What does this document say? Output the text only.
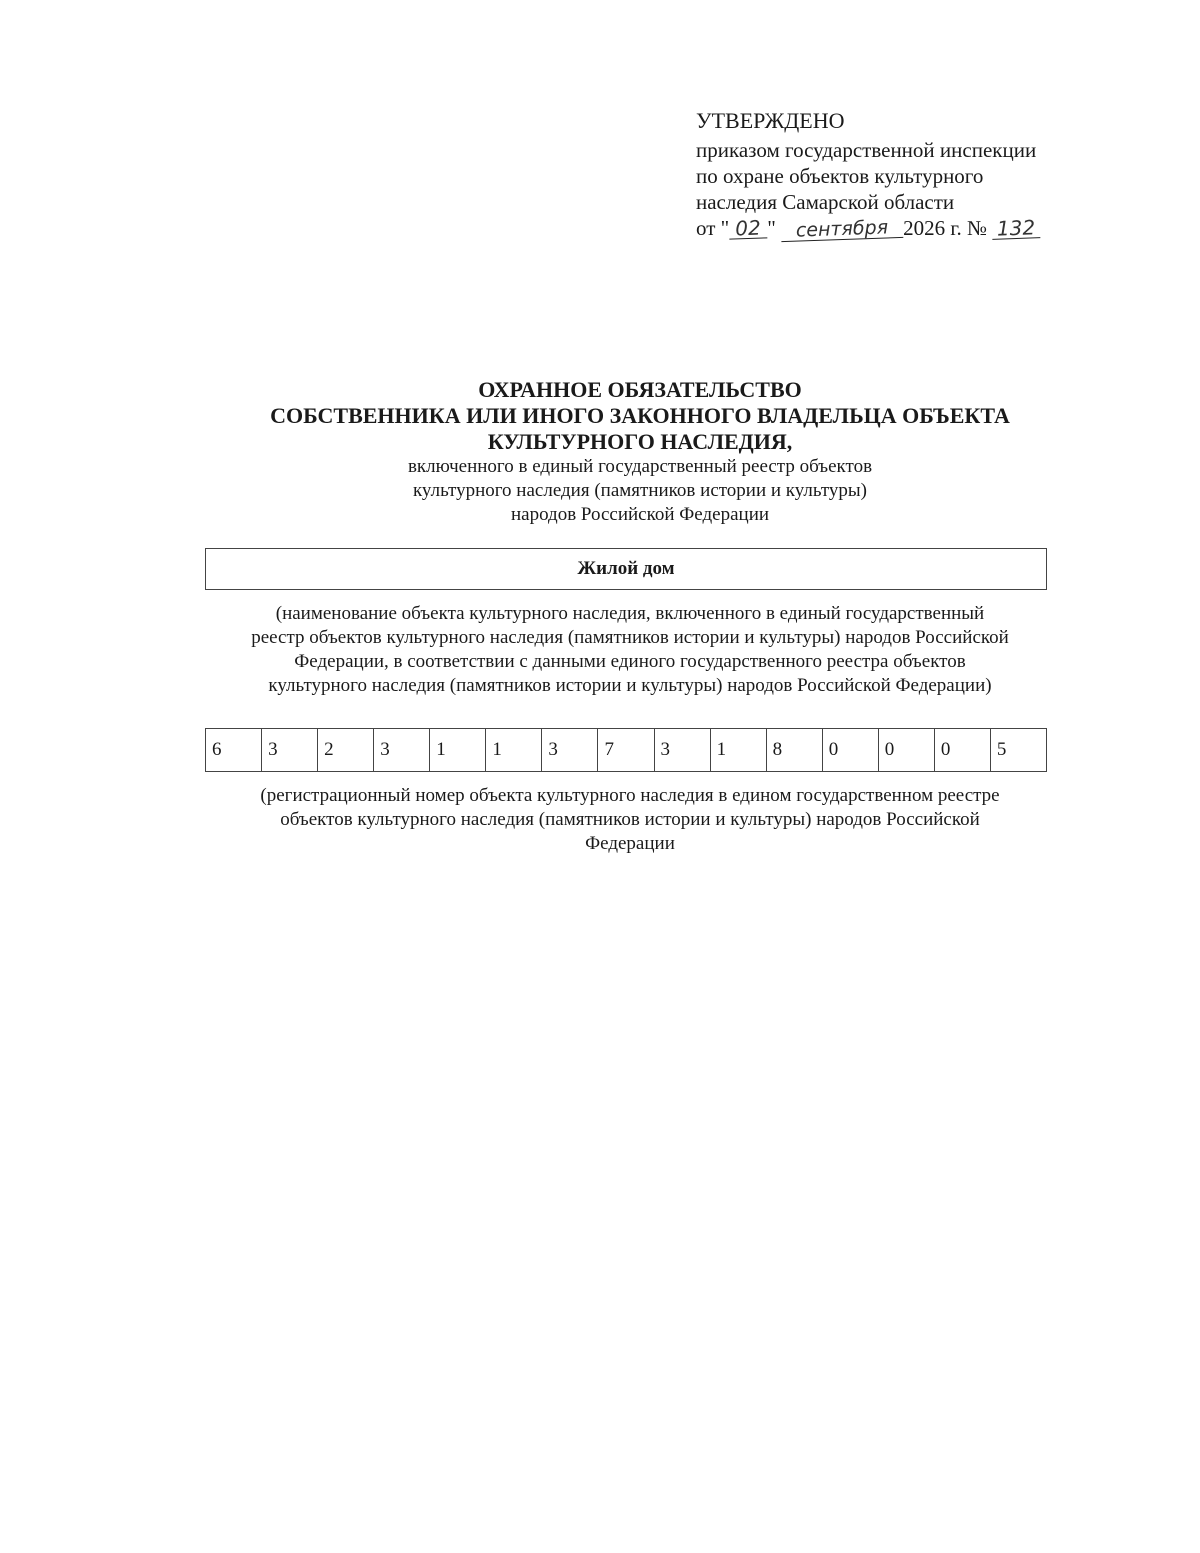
УТВЕРЖДЕНО
приказом государственной инспекции
по охране объектов культурного
наследия Самарской области
от " 02 " сентября 2026 г. № 132
ОХРАННОЕ ОБЯЗАТЕЛЬСТВО
СОБСТВЕННИКА ИЛИ ИНОГО ЗАКОННОГО ВЛАДЕЛЬЦА ОБЪЕКТА
КУЛЬТУРНОГО НАСЛЕДИЯ,
включенного в единый государственный реестр объектов
культурного наследия (памятников истории и культуры)
народов Российской Федерации
Жилой дом
(наименование объекта культурного наследия, включенного в единый государственный
реестр объектов культурного наследия (памятников истории и культуры) народов Российской
Федерации, в соответствии с данными единого государственного реестра объектов
культурного наследия (памятников истории и культуры) народов Российской Федерации)
6	3	2	3	1	1	3	7	3	1	8	0	0	0	5
(регистрационный номер объекта культурного наследия в едином государственном реестре
объектов культурного наследия (памятников истории и культуры) народов Российской
Федерации
